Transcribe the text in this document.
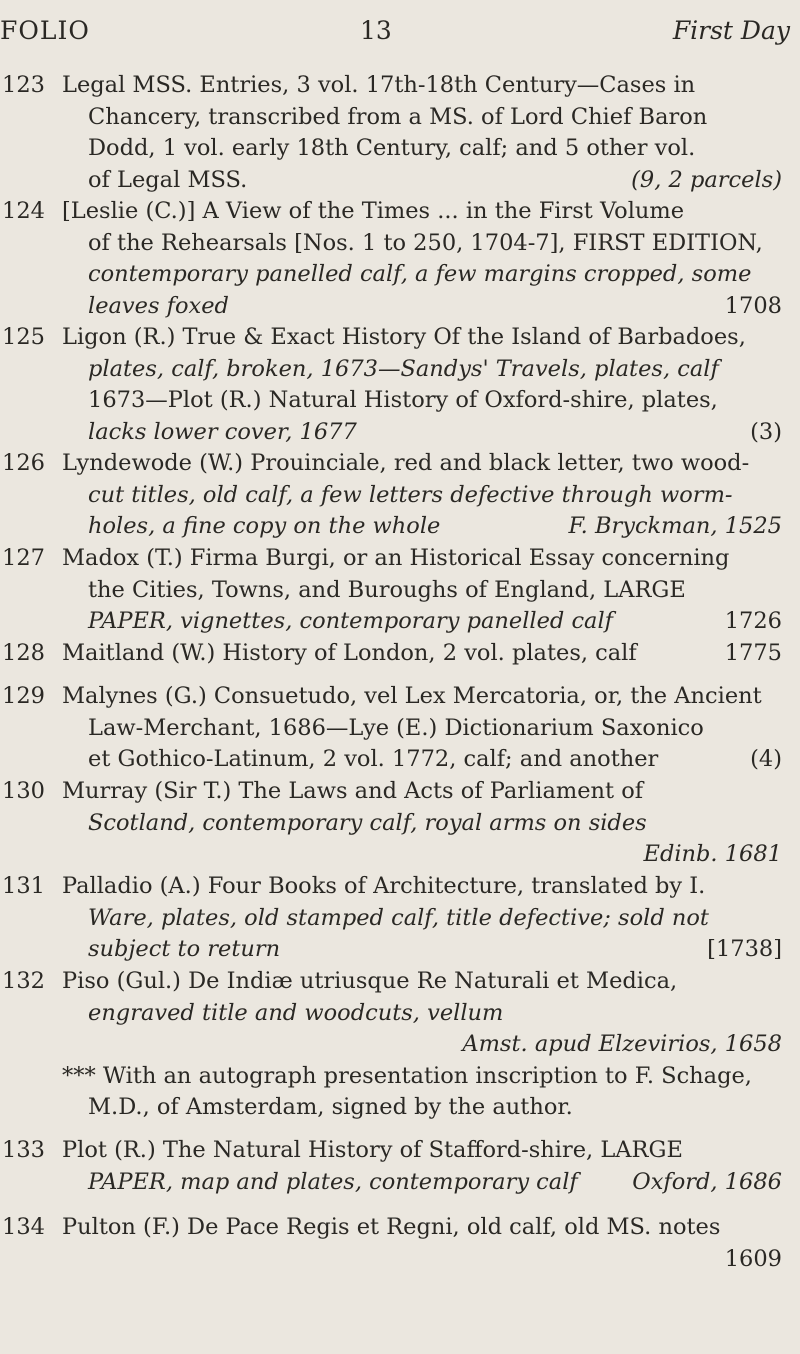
FOLIO	13	First Day
123 Legal MSS. Entries, 3 vol. 17th-18th Century—Cases in
Chancery, transcribed from a MS. of Lord Chief Baron
Dodd, 1 vol. early 18th Century, calf; and 5 other vol.
of Legal MSS.	(9, 2 parcels)
124 [Leslie (C.)] A View of the Times ... in the First Volume
of the Rehearsals [Nos. 1 to 250, 1704-7], FIRST EDITION,
contemporary panelled calf, a few margins cropped, some
leaves foxed	1708
125 Ligon (R.) True & Exact History Of the Island of Barbadoes,
plates, calf, broken, 1673—Sandys' Travels, plates, calf
1673—Plot (R.) Natural History of Oxford-shire, plates,
lacks lower cover, 1677	(3)
126 Lyndewode (W.) Prouinciale, red and black letter, two wood-
cut titles, old calf, a few letters defective through worm-
holes, a fine copy on the whole	F. Bryckman, 1525
127 Madox (T.) Firma Burgi, or an Historical Essay concerning
the Cities, Towns, and Buroughs of England, LARGE
PAPER, vignettes, contemporary panelled calf	1726
128 Maitland (W.) History of London, 2 vol. plates, calf	1775
129 Malynes (G.) Consuetudo, vel Lex Mercatoria, or, the Ancient
Law-Merchant, 1686—Lye (E.) Dictionarium Saxonico
et Gothico-Latinum, 2 vol. 1772, calf; and another	(4)
130 Murray (Sir T.) The Laws and Acts of Parliament of
Scotland, contemporary calf, royal arms on sides
Edinb. 1681
131 Palladio (A.) Four Books of Architecture, translated by I.
Ware, plates, old stamped calf, title defective; sold not
subject to return	[1738]
132 Piso (Gul.) De Indiæ utriusque Re Naturali et Medica,
engraved title and woodcuts, vellum
Amst. apud Elzevirios, 1658
*** With an autograph presentation inscription to F. Schage,
M.D., of Amsterdam, signed by the author.
133 Plot (R.) The Natural History of Stafford-shire, LARGE
PAPER, map and plates, contemporary calf Oxford, 1686
134 Pulton (F.) De Pace Regis et Regni, old calf, old MS. notes
1609
